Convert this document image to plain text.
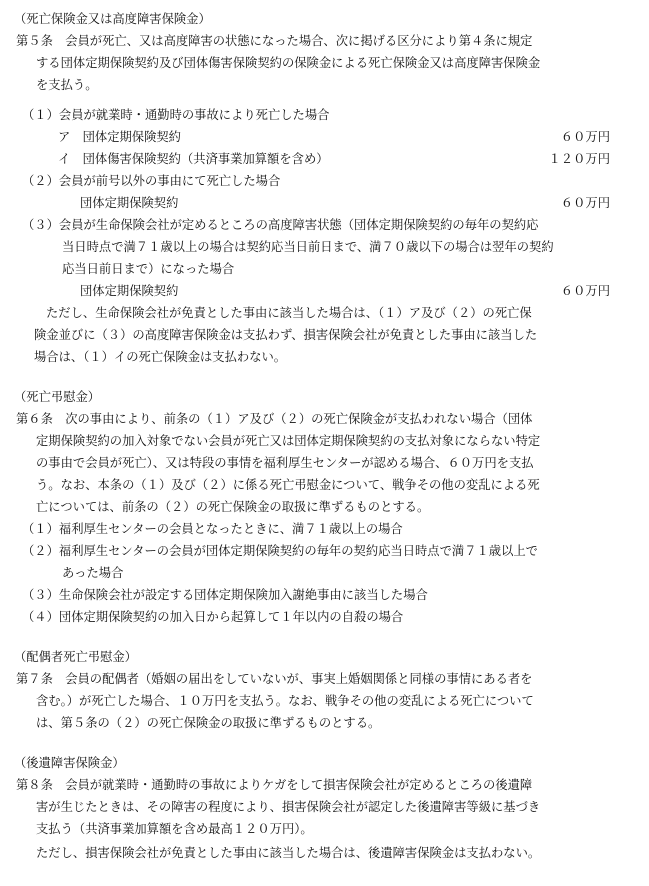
（死亡保険金又は高度障害保険金）
第５条　会員が死亡、又は高度障害の状態になった場合、次に掲げる区分により第４条に規定
する団体定期保険契約及び団体傷害保険契約の保険金による死亡保険金又は高度障害保険金
を支払う。
（１）会員が就業時・通勤時の事故により死亡した場合
ア　団体定期保険契約	６０万円
イ　団体傷害保険契約（共済事業加算額を含め）	１２０万円
（２）会員が前号以外の事由にて死亡した場合
団体定期保険契約	６０万円
（３）会員が生命保険会社が定めるところの高度障害状態（団体定期保険契約の毎年の契約応
当日時点で満７１歳以上の場合は契約応当日前日まで、満７０歳以下の場合は翌年の契約
応当日前日まで）になった場合
団体定期保険契約	６０万円
ただし、生命保険会社が免責とした事由に該当した場合は、（１）ア及び（２）の死亡保
険金並びに（３）の高度障害保険金は支払わず、損害保険会社が免責とした事由に該当した
場合は、（１）イの死亡保険金は支払わない。
（死亡弔慰金）
第６条　次の事由により、前条の（１）ア及び（２）の死亡保険金が支払われない場合（団体
定期保険契約の加入対象でない会員が死亡又は団体定期保険契約の支払対象にならない特定
の事由で会員が死亡）、又は特段の事情を福利厚生センターが認める場合、６０万円を支払
う。なお、本条の（１）及び（２）に係る死亡弔慰金について、戦争その他の変乱による死
亡については、前条の（２）の死亡保険金の取扱に準ずるものとする。
（１）福利厚生センターの会員となったときに、満７１歳以上の場合
（２）福利厚生センターの会員が団体定期保険契約の毎年の契約応当日時点で満７１歳以上で
あった場合
（３）生命保険会社が設定する団体定期保険加入謝絶事由に該当した場合
（４）団体定期保険契約の加入日から起算して１年以内の自殺の場合
（配偶者死亡弔慰金）
第７条　会員の配偶者（婚姻の届出をしていないが、事実上婚姻関係と同様の事情にある者を
含む。）が死亡した場合、１０万円を支払う。なお、戦争その他の変乱による死亡について
は、第５条の（２）の死亡保険金の取扱に準ずるものとする。
（後遺障害保険金）
第８条　会員が就業時・通勤時の事故によりケガをして損害保険会社が定めるところの後遺障
害が生じたときは、その障害の程度により、損害保険会社が認定した後遺障害等級に基づき
支払う（共済事業加算額を含め最高１２０万円）。
ただし、損害保険会社が免責とした事由に該当した場合は、後遺障害保険金は支払わない。
